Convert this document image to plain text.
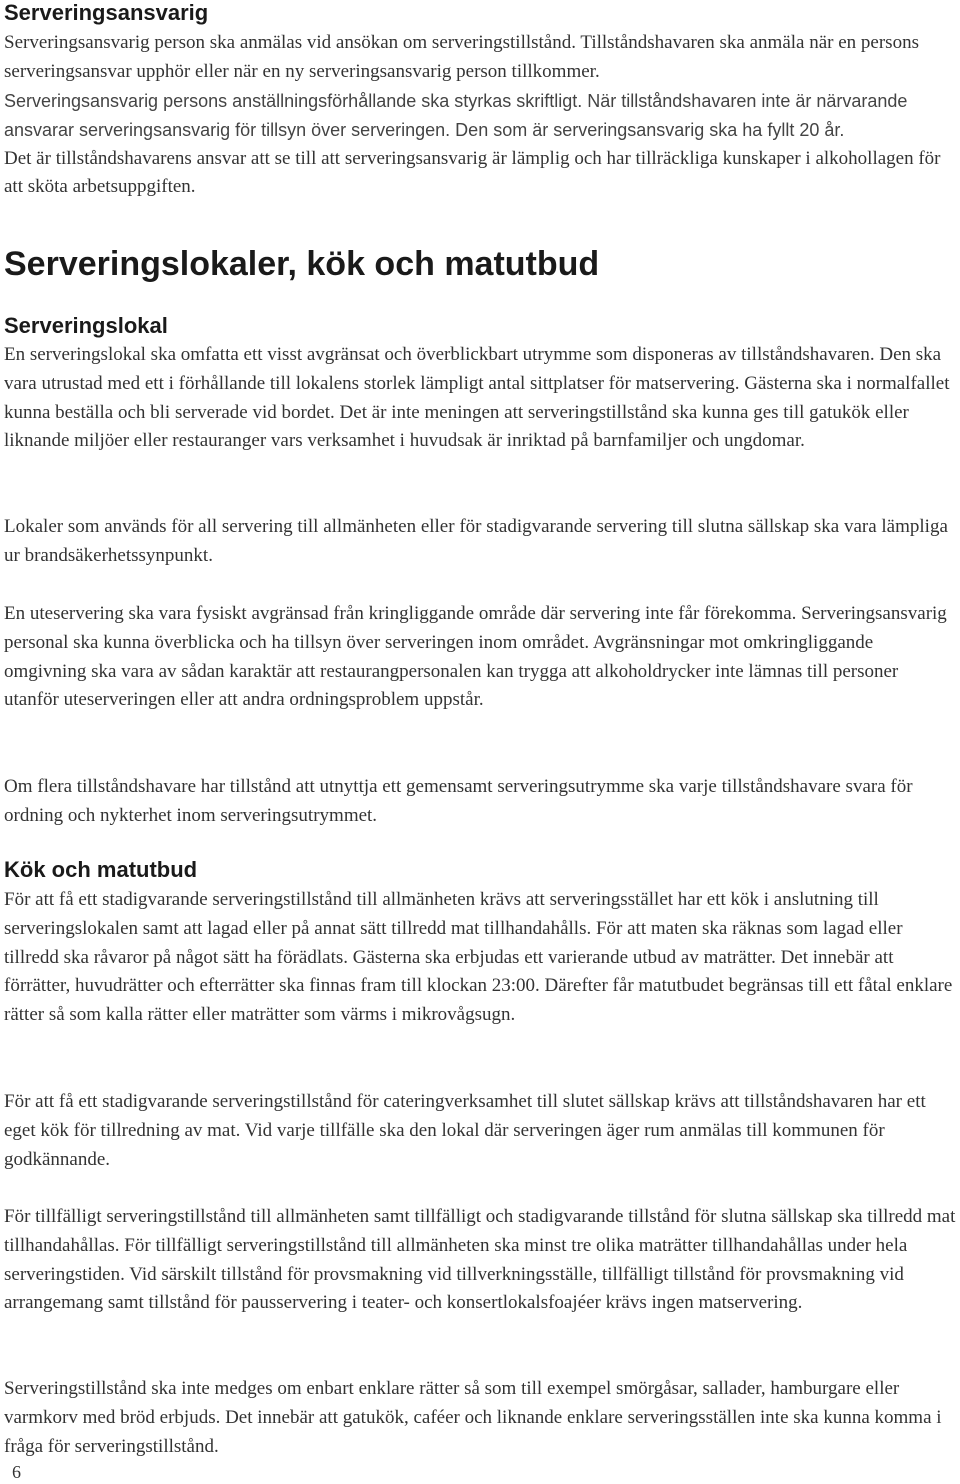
Serveringsansvarig

Serveringsansvarig person ska anmälas vid ansökan om serveringstillstånd. Tillståndshavaren ska anmäla när en persons serveringsansvar upphör eller när en ny serveringsansvarig person tillkommer.

Serveringsansvarig persons anställningsförhållande ska styrkas skriftligt. När tillståndshavaren inte är närvarande ansvarar serveringsansvarig för tillsyn över serveringen. Den som är serveringsansvarig ska ha fyllt 20 år.

Det är tillståndshavarens ansvar att se till att serveringsansvarig är lämplig och har tillräckliga kunskaper i alkohollagen för att sköta arbetsuppgiften.

Serveringslokaler, kök och matutbud
Serveringslokal

En serveringslokal ska omfatta ett visst avgränsat och överblickbart utrymme som disponeras av tillståndshavaren. Den ska vara utrustad med ett i förhållande till lokalens storlek lämpligt antal sittplatser för matservering. Gästerna ska i normalfallet kunna beställa och bli serverade vid bordet. Det är inte meningen att serveringstillstånd ska kunna ges till gatukök eller liknande miljöer eller restauranger vars verksamhet i huvudsak är inriktad på barnfamiljer och ungdomar.

Lokaler som används för all servering till allmänheten eller för stadigvarande servering till slutna sällskap ska vara lämpliga ur brandsäkerhetssynpunkt.

En uteservering ska vara fysiskt avgränsad från kringliggande område där servering inte får förekomma. Serveringsansvarig personal ska kunna överblicka och ha tillsyn över serveringen inom området. Avgränsningar mot omkringliggande omgivning ska vara av sådan karaktär att restaurangpersonalen kan trygga att alkoholdrycker inte lämnas till personer utanför uteserveringen eller att andra ordningsproblem uppstår.

Om flera tillståndshavare har tillstånd att utnyttja ett gemensamt serveringsutrymme ska varje tillståndshavare svara för ordning och nykterhet inom serveringsutrymmet.

Kök och matutbud

För att få ett stadigvarande serveringstillstånd till allmänheten krävs att serveringsstället har ett kök i anslutning till serveringslokalen samt att lagad eller på annat sätt tillredd mat tillhandahålls. För att maten ska räknas som lagad eller tillredd ska råvaror på något sätt ha förädlats. Gästerna ska erbjudas ett varierande utbud av maträtter. Det innebär att förrätter, huvudrätter och efterrätter ska finnas fram till klockan 23:00. Därefter får matutbudet begränsas till ett fåtal enklare rätter så som kalla rätter eller maträtter som värms i mikrovågsugn.

För att få ett stadigvarande serveringstillstånd för cateringverksamhet till slutet sällskap krävs att tillståndshavaren har ett eget kök för tillredning av mat. Vid varje tillfälle ska den lokal där serveringen äger rum anmälas till kommunen för godkännande.

För tillfälligt serveringstillstånd till allmänheten samt tillfälligt och stadigvarande tillstånd för slutna sällskap ska tillredd mat tillhandahållas. För tillfälligt serveringstillstånd till allmänheten ska minst tre olika maträtter tillhandahållas under hela serveringstiden. Vid särskilt tillstånd för provsmakning vid tillverkningsställe, tillfälligt tillstånd för provsmakning vid arrangemang samt tillstånd för pausservering i teater- och konsertlokalsfoajéer krävs ingen matservering.

Serveringstillstånd ska inte medges om enbart enklare rätter så som till exempel smörgåsar, sallader, hamburgare eller varmkorv med bröd erbjuds. Det innebär att gatukök, caféer och liknande enklare serveringsställen inte ska kunna komma i fråga för serveringstillstånd.

6
